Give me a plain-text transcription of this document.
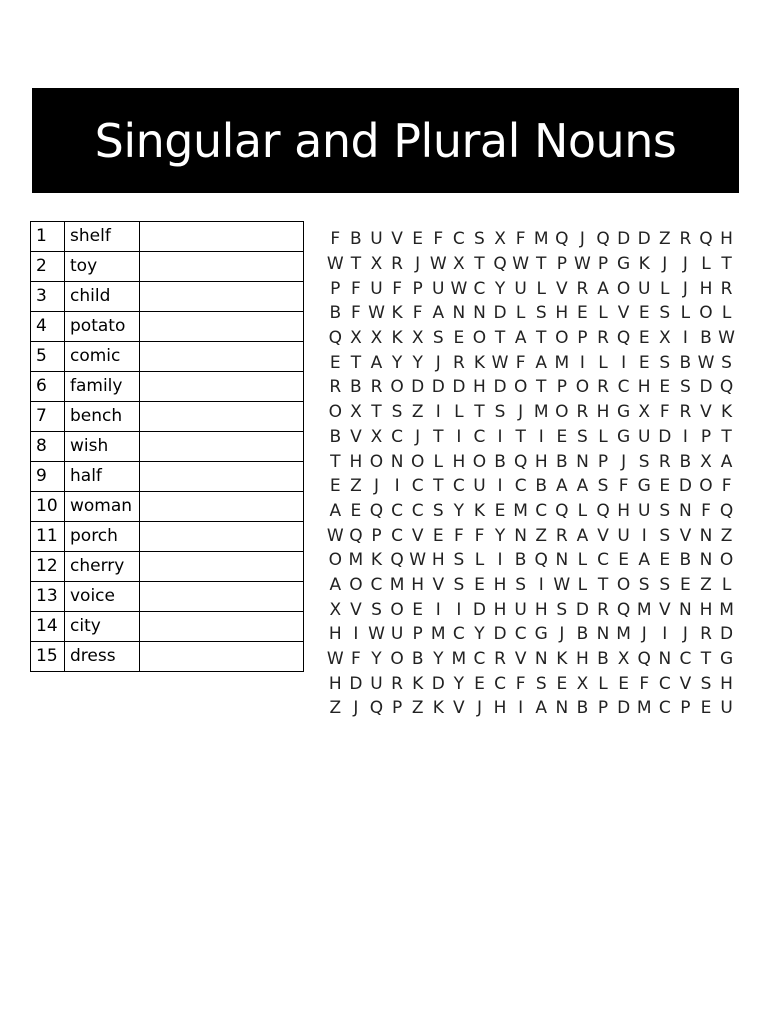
Singular and Plural Nouns
1	shelf	
2	toy	
3	child	
4	potato	
5	comic	
6	family	
7	bench	
8	wish	
9	half	
10	woman	
11	porch	
12	cherry	
13	voice	
14	city	
15	dress	
F B U V E F C S X F M Q J Q D D Z R Q H
W T X R J W X T Q W T P W P G K J J L T
P F U F P U W C Y U L V R A O U L J H R
B F W K F A N N D L S H E L V E S L O L
Q X X K X S E O T A T O P R Q E X I B W
E T A Y Y J R K W F A M I L I E S B W S
R B R O D D D H D O T P O R C H E S D Q
O X T S Z I L T S J M O R H G X F R V K
B V X C J T I C I T I E S L G U D I P T
T H O N O L H O B Q H B N P J S R B X A
E Z J I C T C U I C B A A S F G E D O F
A E Q C C S Y K E M C Q L Q H U S N F Q
W Q P C V E F F Y N Z R A V U I S V N Z
O M K Q W H S L I B Q N L C E A E B N O
A O C M H V S E H S I W L T O S S E Z L
X V S O E I I D H U H S D R Q M V N H M
H I W U P M C Y D C G J B N M J I J R D
W F Y O B Y M C R V N K H B X Q N C T G
H D U R K D Y E C F S E X L E F C V S H
Z J Q P Z K V J H I A N B P D M C P E U
